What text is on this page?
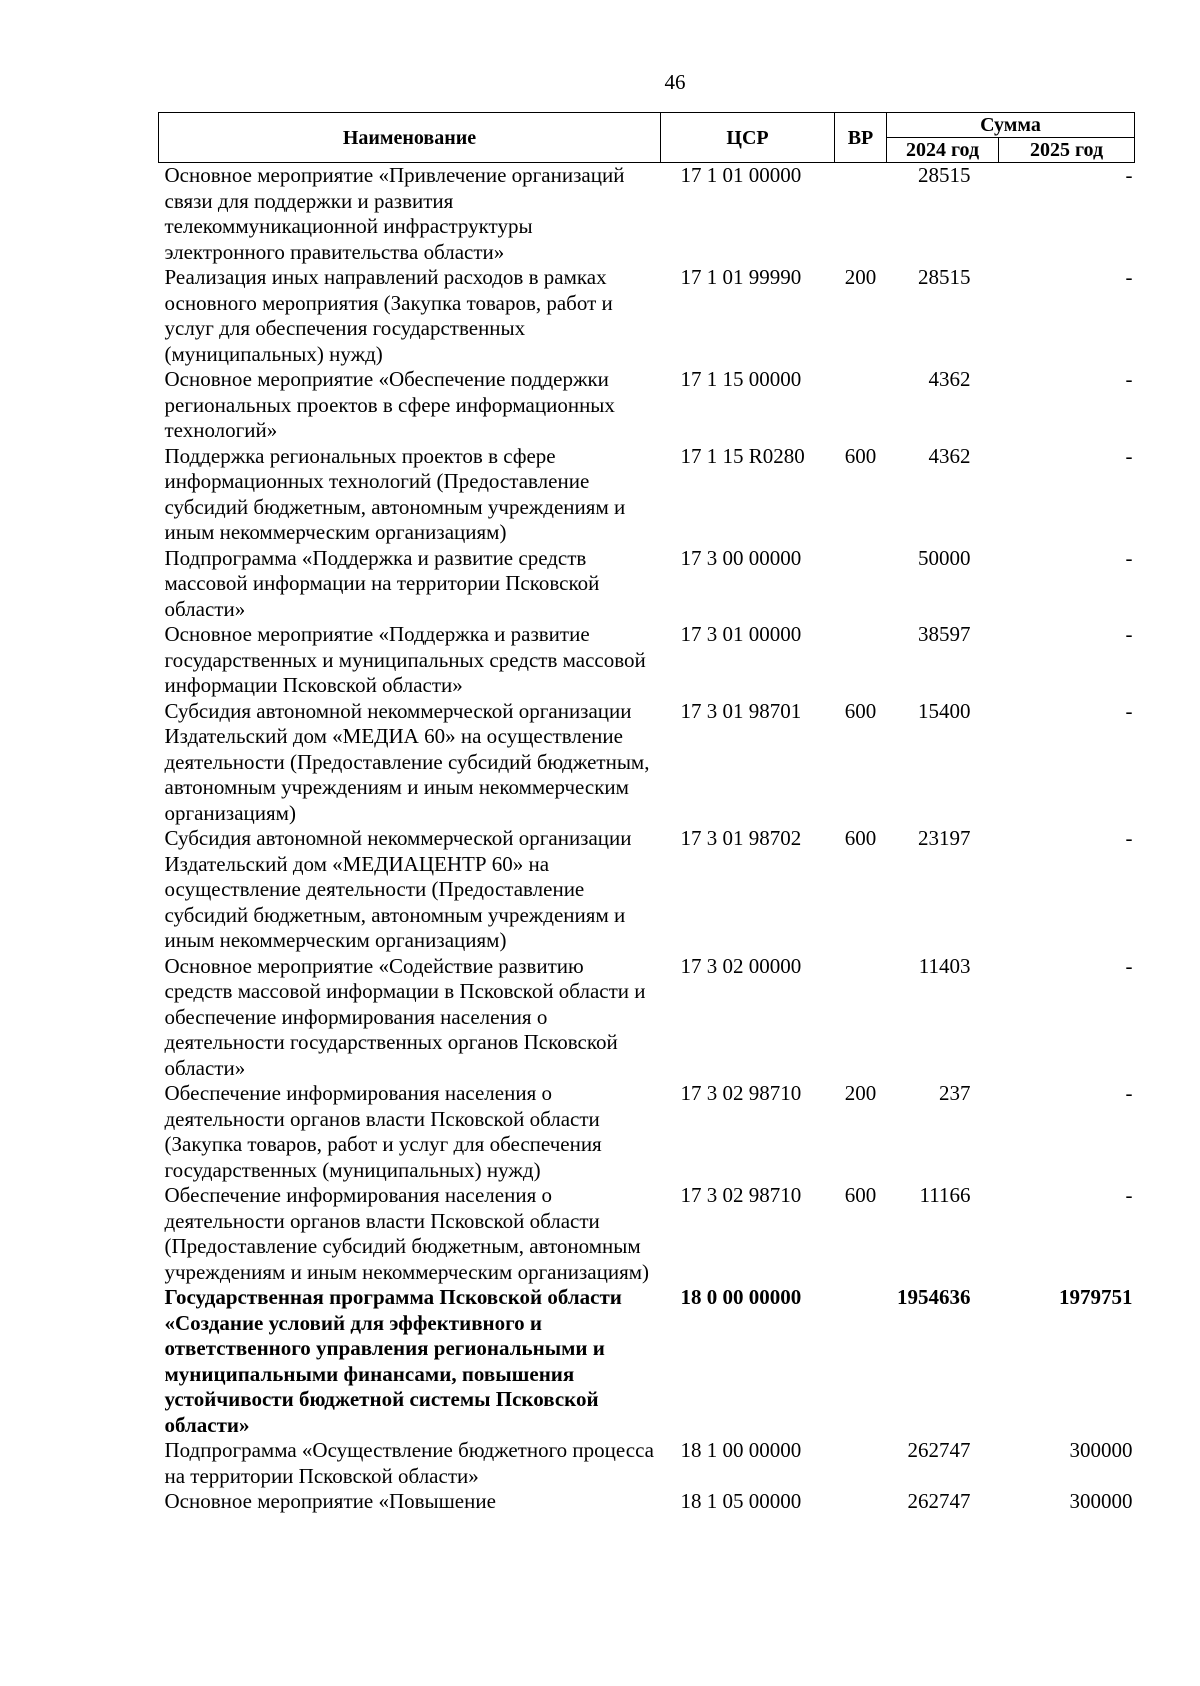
46
Наименование	ЦСР	ВР	Сумма	
			2024 год	2025 год
Основное мероприятие «Привлечение организаций связи для поддержки и развития телекоммуникационной инфраструктуры электронного правительства области»	17 1 01 00000		28515	-
Реализация иных направлений расходов в рамках основного мероприятия (Закупка товаров, работ и услуг для обеспечения государственных (муниципальных) нужд)	17 1 01 99990	200	28515	-
Основное мероприятие «Обеспечение поддержки региональных проектов в сфере информационных технологий»	17 1 15 00000		4362	-
Поддержка региональных проектов в сфере информационных технологий (Предоставление субсидий бюджетным, автономным учреждениям и иным некоммерческим организациям)	17 1 15 R0280	600	4362	-
Подпрограмма «Поддержка и развитие средств массовой информации на территории Псковской области»	17 3 00 00000		50000	-
Основное мероприятие «Поддержка и развитие государственных и муниципальных средств массовой информации Псковской области»	17 3 01 00000		38597	-
Субсидия автономной некоммерческой организации Издательский дом «МЕДИА 60» на осуществление деятельности (Предоставление субсидий бюджетным, автономным учреждениям и иным некоммерческим организациям)	17 3 01 98701	600	15400	-
Субсидия автономной некоммерческой организации Издательский дом «МЕДИАЦЕНТР 60» на осуществление деятельности (Предоставление субсидий бюджетным, автономным учреждениям и иным некоммерческим организациям)	17 3 01 98702	600	23197	-
Основное мероприятие «Содействие развитию средств массовой информации в Псковской области и обеспечение информирования населения о деятельности государственных органов Псковской области»	17 3 02 00000		11403	-
Обеспечение информирования населения о деятельности органов власти Псковской области (Закупка товаров, работ и услуг для обеспечения государственных (муниципальных) нужд)	17 3 02 98710	200	237	-
Обеспечение информирования населения о деятельности органов власти Псковской области (Предоставление субсидий бюджетным, автономным учреждениям и иным некоммерческим организациям)	17 3 02 98710	600	11166	-
Государственная программа Псковской области «Создание условий для эффективного и ответственного управления региональными и муниципальными финансами, повышения устойчивости бюджетной системы Псковской области»	18 0 00 00000		1954636	1979751
Подпрограмма «Осуществление бюджетного процесса на территории Псковской области»	18 1 00 00000		262747	300000
Основное мероприятие «Повышение	18 1 05 00000		262747	300000
